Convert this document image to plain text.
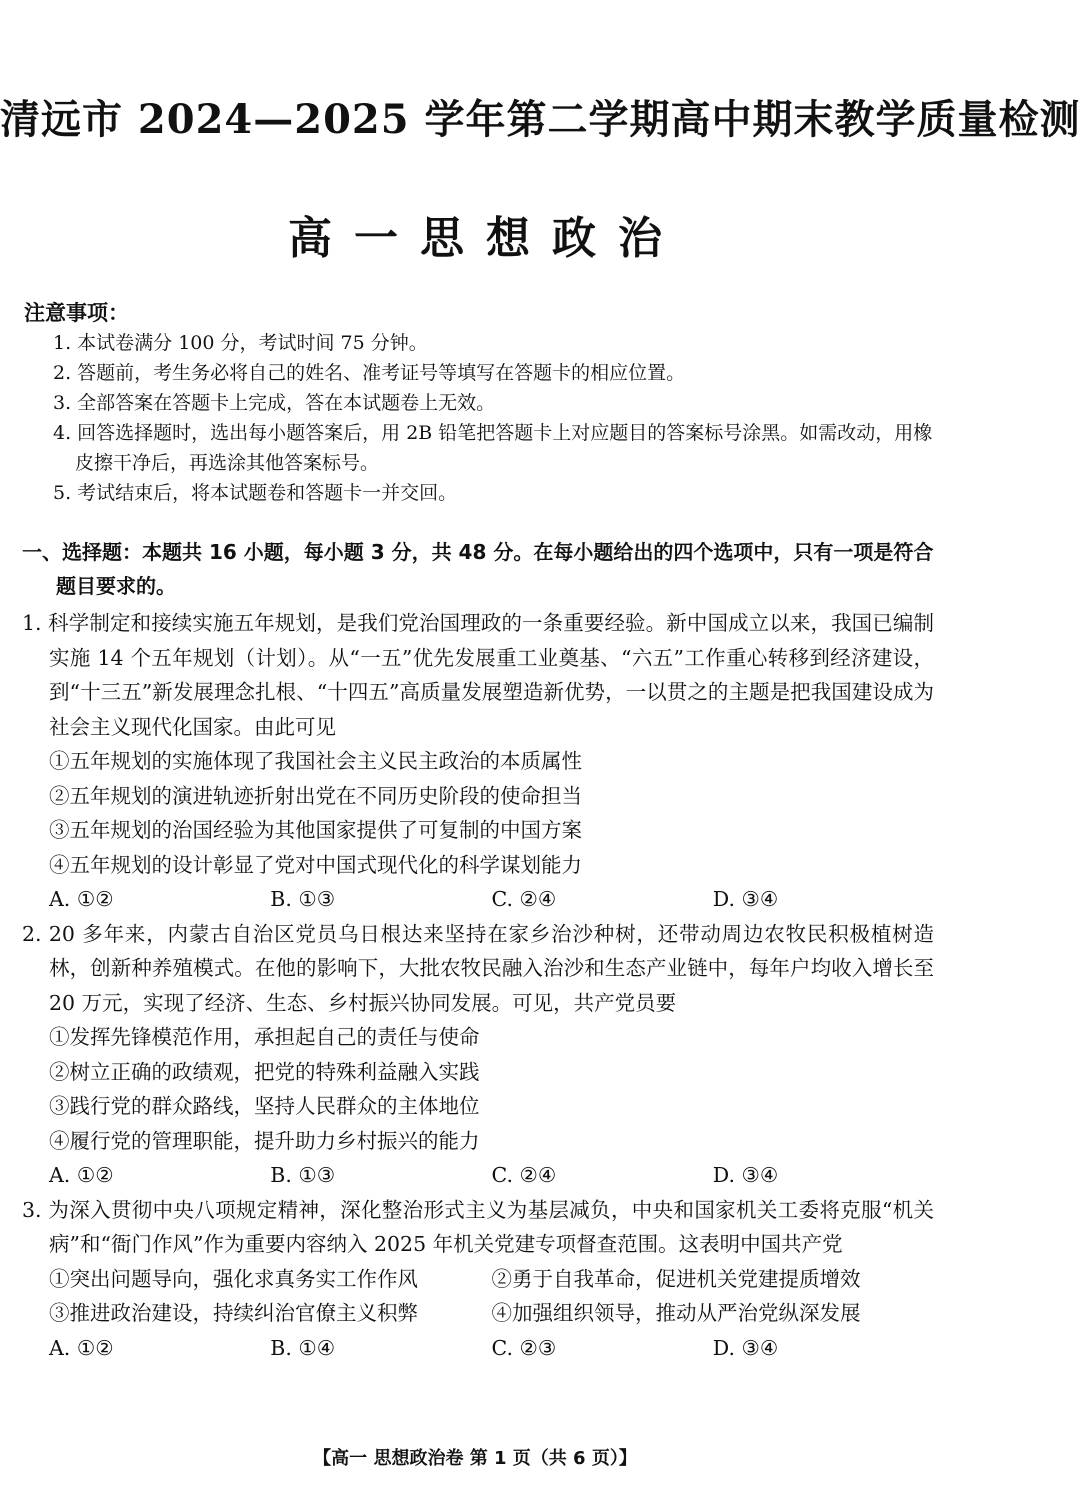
清远市 2024—2025 学年第二学期高中期末教学质量检测
高一思想政治
注意事项：
1. 本试卷满分 100 分，考试时间 75 分钟。
2. 答题前，考生务必将自己的姓名、准考证号等填写在答题卡的相应位置。
3. 全部答案在答题卡上完成，答在本试题卷上无效。
4. 回答选择题时，选出每小题答案后，用 2B 铅笔把答题卡上对应题目的答案标号涂黑。如需改动，用橡皮擦干净后，再选涂其他答案标号。
5. 考试结束后，将本试题卷和答题卡一并交回。
一、选择题：本题共 16 小题，每小题 3 分，共 48 分。在每小题给出的四个选项中，只有一项是符合题目要求的。
1. 科学制定和接续实施五年规划，是我们党治国理政的一条重要经验。新中国成立以来，我国已编制实施 14 个五年规划（计划）。从“一五”优先发展重工业奠基、“六五”工作重心转移到经济建设，到“十三五”新发展理念扎根、“十四五”高质量发展塑造新优势，一以贯之的主题是把我国建设成为社会主义现代化国家。由此可见
①五年规划的实施体现了我国社会主义民主政治的本质属性
②五年规划的演进轨迹折射出党在不同历史阶段的使命担当
③五年规划的治国经验为其他国家提供了可复制的中国方案
④五年规划的设计彰显了党对中国式现代化的科学谋划能力
A. ①②	B. ①③	C. ②④	D. ③④
2. 20 多年来，内蒙古自治区党员乌日根达来坚持在家乡治沙种树，还带动周边农牧民积极植树造林，创新种养殖模式。在他的影响下，大批农牧民融入治沙和生态产业链中，每年户均收入增长至 20 万元，实现了经济、生态、乡村振兴协同发展。可见，共产党员要
①发挥先锋模范作用，承担起自己的责任与使命
②树立正确的政绩观，把党的特殊利益融入实践
③践行党的群众路线，坚持人民群众的主体地位
④履行党的管理职能，提升助力乡村振兴的能力
A. ①②	B. ①③	C. ②④	D. ③④
3. 为深入贯彻中央八项规定精神，深化整治形式主义为基层减负，中央和国家机关工委将克服“机关病”和“衙门作风”作为重要内容纳入 2025 年机关党建专项督查范围。这表明中国共产党
①突出问题导向，强化求真务实工作作风	②勇于自我革命，促进机关党建提质增效
③推进政治建设，持续纠治官僚主义积弊	④加强组织领导，推动从严治党纵深发展
A. ①②	B. ①④	C. ②③	D. ③④
【高一 思想政治卷 第 1 页（共 6 页）】
